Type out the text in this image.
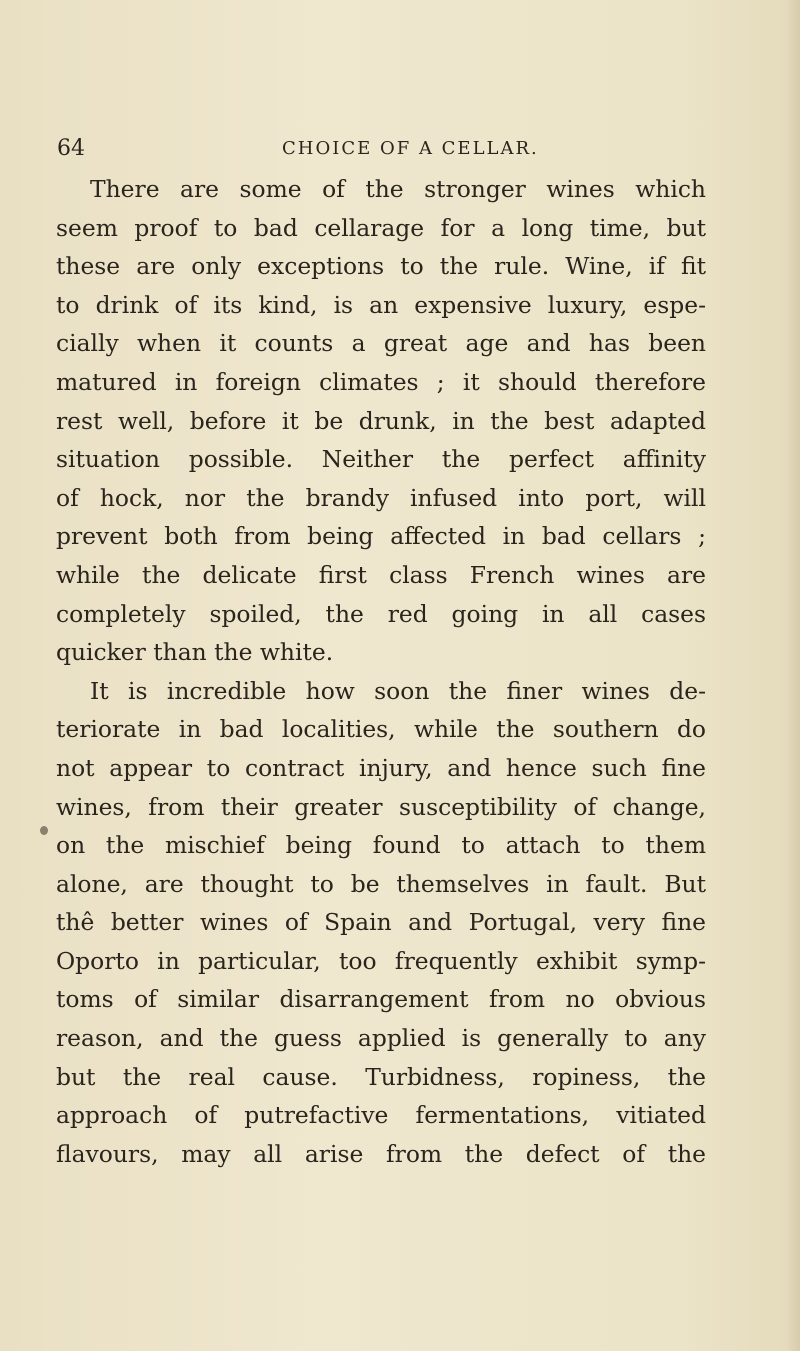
64	CHOICE OF A CELLAR.
There are some of the stronger wines which
seem proof to bad cellarage for a long time, but
these are only exceptions to the rule. Wine, if fit
to drink of its kind, is an expensive luxury, espe-
cially when it counts a great age and has been
matured in foreign climates ; it should therefore
rest well, before it be drunk, in the best adapted
situation possible. Neither the perfect affinity
of hock, nor the brandy infused into port, will
prevent both from being affected in bad cellars ;
while the delicate first class French wines are
completely spoiled, the red going in all cases
quicker than the white.
It is incredible how soon the finer wines de-
teriorate in bad localities, while the southern do
not appear to contract injury, and hence such fine
wines, from their greater susceptibility of change,
on the mischief being found to attach to them
alone, are thought to be themselves in fault. But
thê better wines of Spain and Portugal, very fine
Oporto in particular, too frequently exhibit symp-
toms of similar disarrangement from no obvious
reason, and the guess applied is generally to any
but the real cause. Turbidness, ropiness, the
approach of putrefactive fermentations, vitiated
flavours, may all arise from the defect of the
